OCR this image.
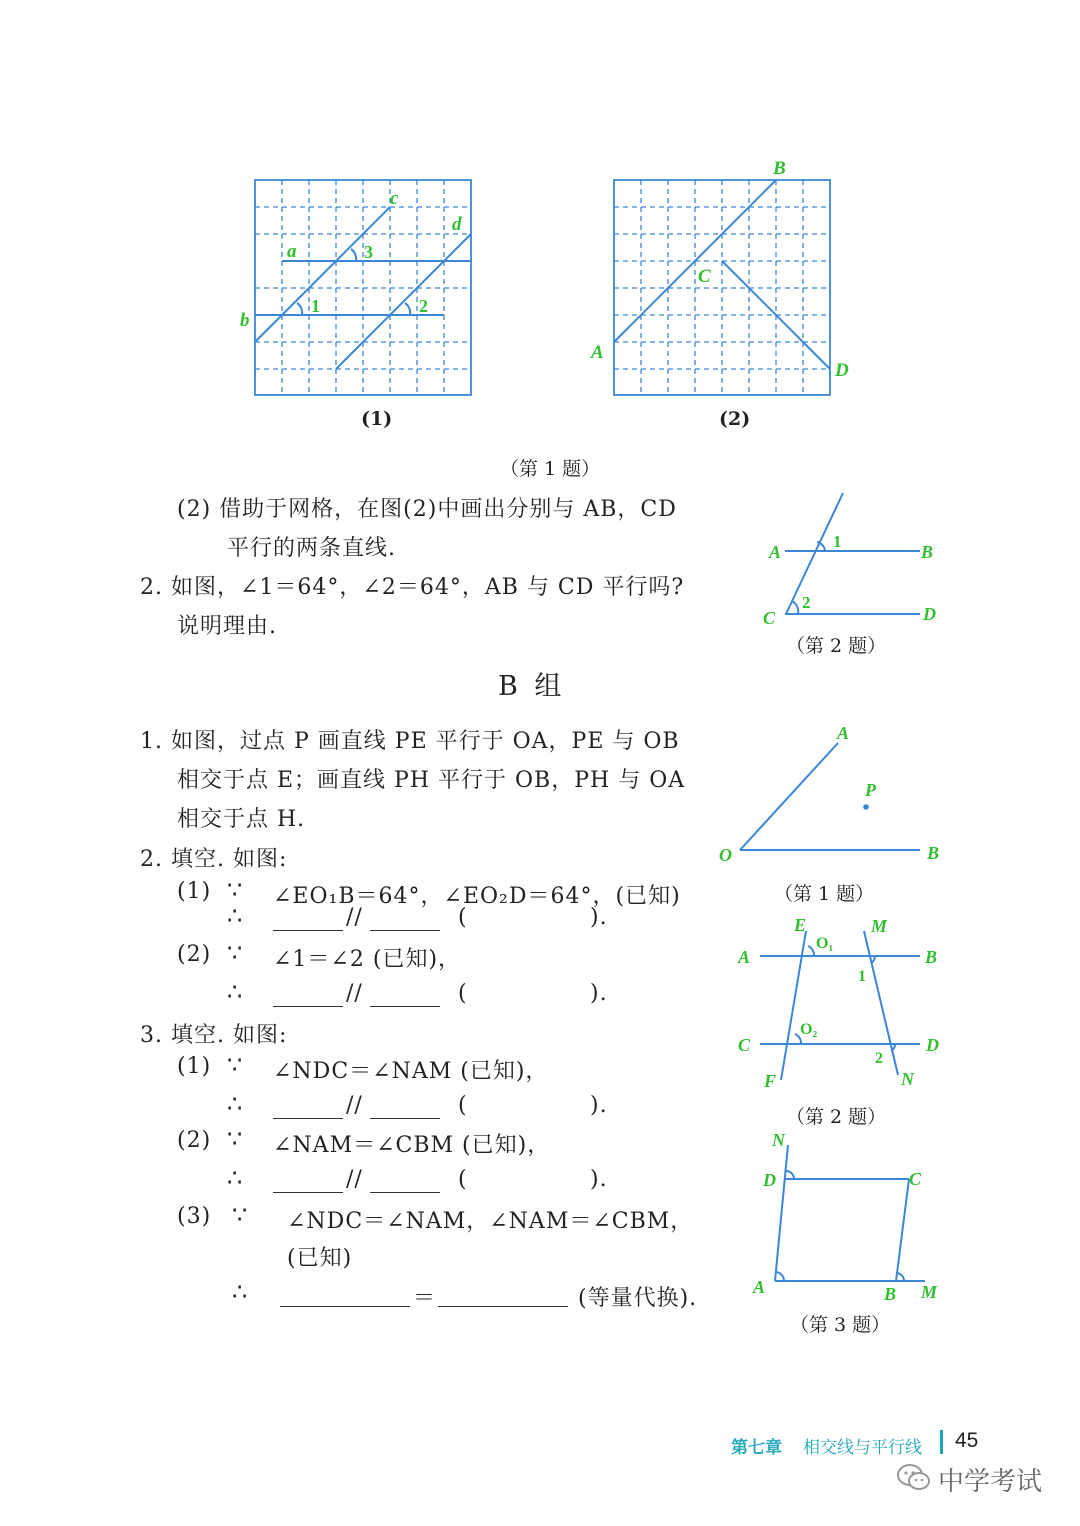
c
d
a
b
3
1	2
(1)
B
C
A
D
(2)
（第 1 题）
(2) 借助于网格，在图(2)中画出分别与 AB，CD
平行的两条直线.
2. 如图，∠1＝64°，∠2＝64°，AB 与 CD 平行吗?
说明理由.
A	B
C	D
1
2
（第 2 题）
B 组
1. 如图，过点 P 画直线 PE 平行于 OA，PE 与 OB
相交于点 E；画直线 PH 平行于 OB，PH 与 OA
相交于点 H.
A
P
O	B
（第 1 题）
2. 填空. 如图:
(1) ∵ ∠EO₁B＝64°，∠EO₂D＝64°，(已知)
∴	//	(	).
(2) ∵ ∠1＝∠2 (已知)，
∴	//	(	).
E	M
A	B
O₁
1
C	D
O₂
2
F	N
（第 2 题）
3. 填空. 如图:
(1) ∵ ∠NDC＝∠NAM (已知)，
∴	//	(	).
(2) ∵ ∠NAM＝∠CBM (已知)，
∴	//	(	).
(3) ∵ ∠NDC＝∠NAM，∠NAM＝∠CBM，
(已知)
∴	＝	(等量代换).
N
D	C
A	B M
（第 3 题）
第七章 相交线与平行线 45
中学考试
